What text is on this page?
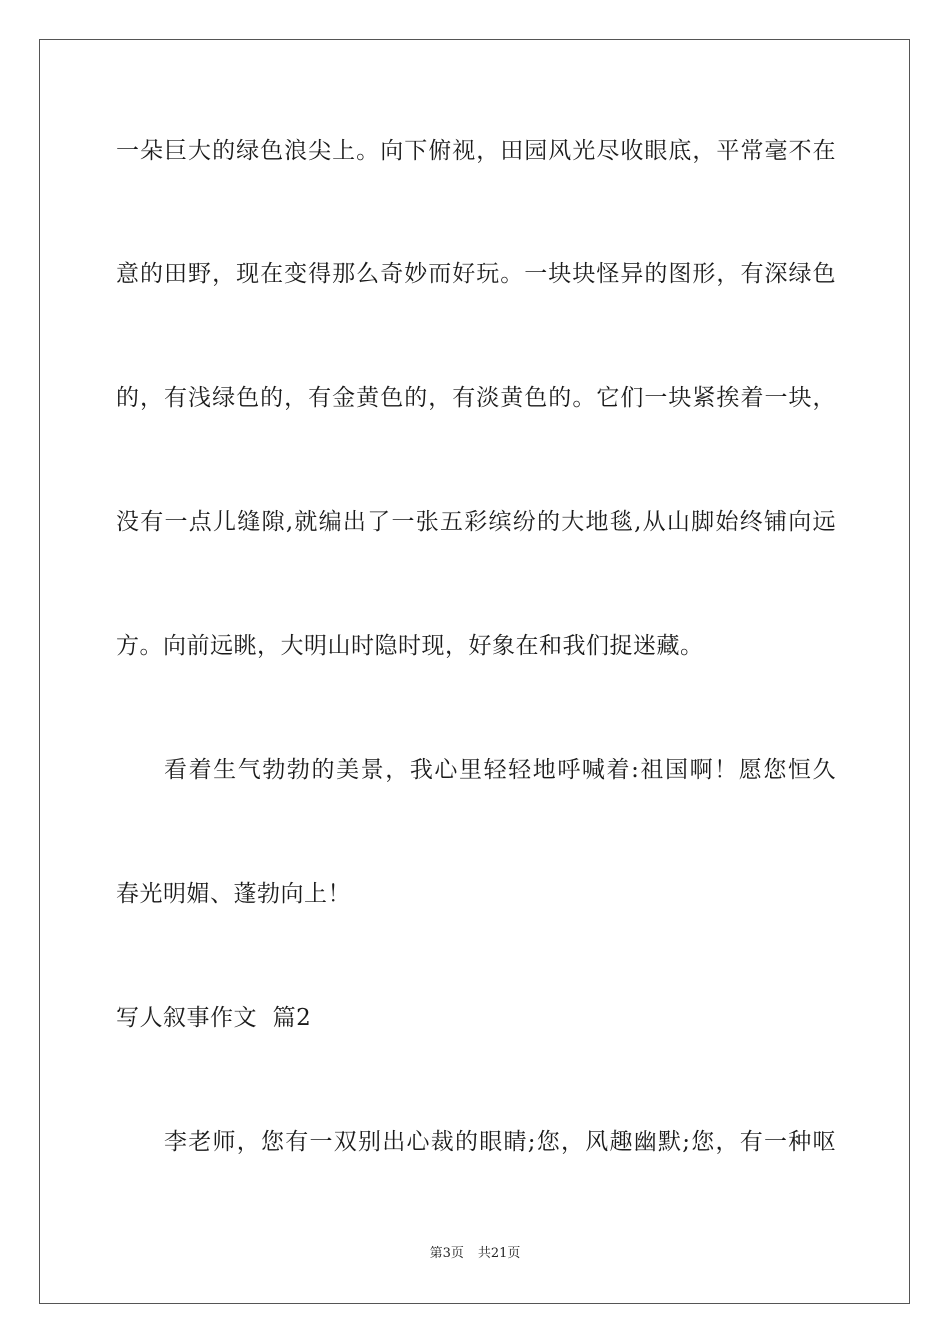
一朵巨大的绿色浪尖上。向下俯视，田园风光尽收眼底，平常毫不在
意的田野，现在变得那么奇妙而好玩。一块块怪异的图形，有深绿色
的，有浅绿色的，有金黄色的，有淡黄色的。它们一块紧挨着一块，
没有一点儿缝隙,就编出了一张五彩缤纷的大地毯,从山脚始终铺向远
方。向前远眺，大明山时隐时现，好象在和我们捉迷藏。
看着生气勃勃的美景，我心里轻轻地呼喊着:祖国啊！愿您恒久
春光明媚、蓬勃向上！
写人叙事作文  篇2
李老师，您有一双别出心裁的眼睛;您，风趣幽默;您，有一种呕
第3页 共21页
